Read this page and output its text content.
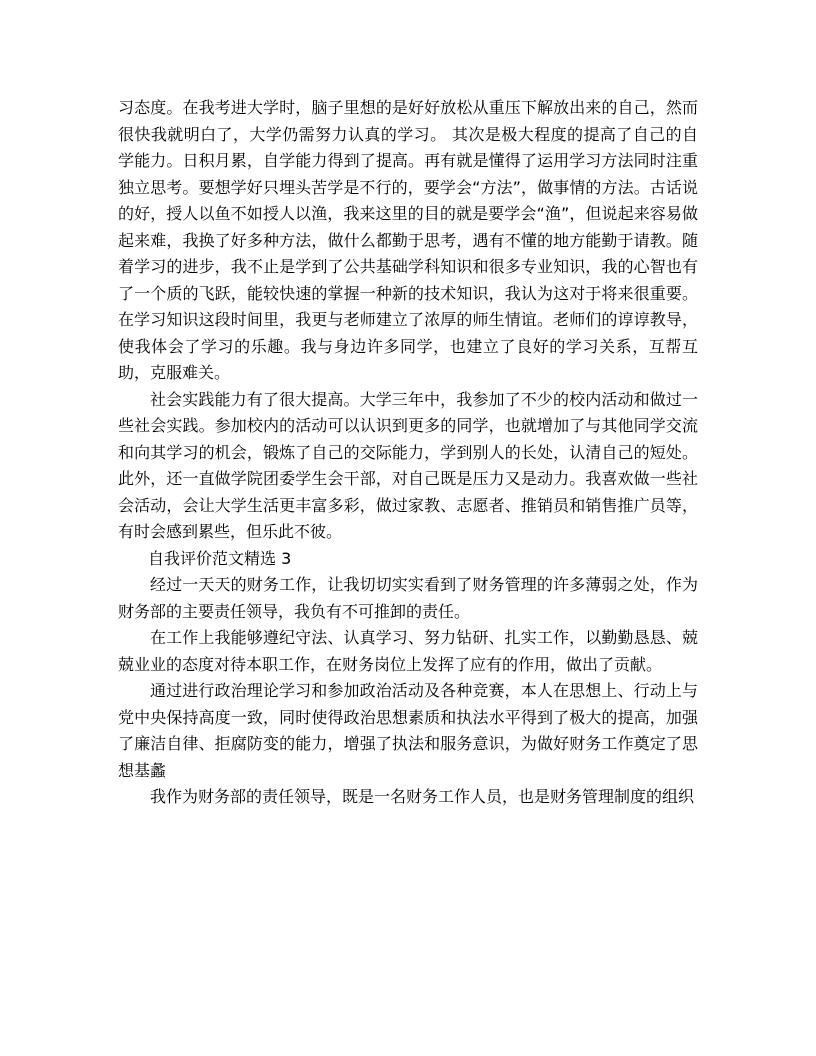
习态度。在我考进大学时，脑子里想的是好好放松从重压下解放出来的自己，然而很快我就明白了，大学仍需努力认真的学习。 其次是极大程度的提高了自己的自学能力。日积月累，自学能力得到了提高。再有就是懂得了运用学习方法同时注重独立思考。要想学好只埋头苦学是不行的，要学会“方法”，做事情的方法。古话说的好，授人以鱼不如授人以渔，我来这里的目的就是要学会“渔”，但说起来容易做起来难，我换了好多种方法，做什么都勤于思考，遇有不懂的地方能勤于请教。随着学习的进步，我不止是学到了公共基础学科知识和很多专业知识，我的心智也有了一个质的飞跃，能较快速的掌握一种新的技术知识，我认为这对于将来很重要。在学习知识这段时间里，我更与老师建立了浓厚的师生情谊。老师们的谆谆教导，使我体会了学习的乐趣。我与身边许多同学，也建立了良好的学习关系，互帮互助，克服难关。

社会实践能力有了很大提高。大学三年中，我参加了不少的校内活动和做过一些社会实践。参加校内的活动可以认识到更多的同学，也就增加了与其他同学交流和向其学习的机会，锻炼了自己的交际能力，学到别人的长处，认清自己的短处。此外，还一直做学院团委学生会干部，对自己既是压力又是动力。我喜欢做一些社会活动，会让大学生活更丰富多彩，做过家教、志愿者、推销员和销售推广员等，有时会感到累些，但乐此不彼。

自我评价范文精选 3

经过一天天的财务工作，让我切切实实看到了财务管理的许多薄弱之处，作为财务部的主要责任领导，我负有不可推卸的责任。

在工作上我能够遵纪守法、认真学习、努力钻研、扎实工作，以勤勤恳恳、兢兢业业的态度对待本职工作，在财务岗位上发挥了应有的作用，做出了贡献。

通过进行政治理论学习和参加政治活动及各种竞赛，本人在思想上、行动上与党中央保持高度一致，同时使得政治思想素质和执法水平得到了极大的提高，加强了廉洁自律、拒腐防变的能力，增强了执法和服务意识，为做好财务工作奠定了思想基蠡

我作为财务部的责任领导，既是一名财务工作人员，也是财务管理制度的组织
